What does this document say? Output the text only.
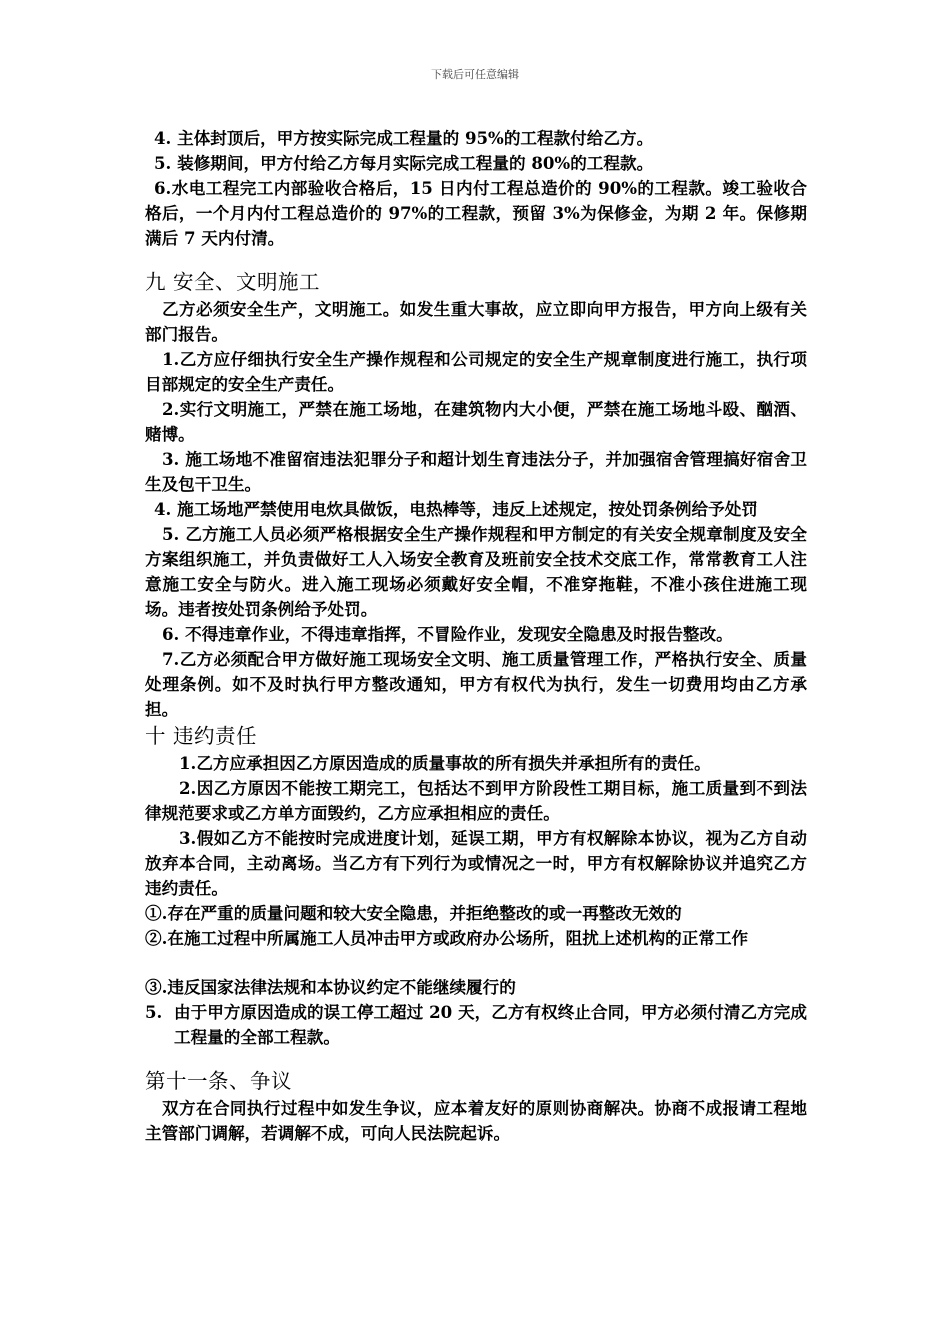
下载后可任意编辑

4. 主体封顶后，甲方按实际完成工程量的 95%的工程款付给乙方。

5. 装修期间，甲方付给乙方每月实际完成工程量的 80%的工程款。

6.水电工程完工内部验收合格后，15 日内付工程总造价的 90%的工程款。竣工验收合格后，一个月内付工程总造价的 97%的工程款，预留 3%为保修金，为期 2 年。保修期满后 7 天内付清。

九 安全、文明施工

乙方必须安全生产，文明施工。如发生重大事故，应立即向甲方报告，甲方向上级有关部门报告。

1.乙方应仔细执行安全生产操作规程和公司规定的安全生产规章制度进行施工，执行项目部规定的安全生产责任。

2.实行文明施工，严禁在施工场地，在建筑物内大小便，严禁在施工场地斗殴、酗酒、赌博。

3. 施工场地不准留宿违法犯罪分子和超计划生育违法分子，并加强宿舍管理搞好宿舍卫生及包干卫生。

4. 施工场地严禁使用电炊具做饭，电热棒等，违反上述规定，按处罚条例给予处罚

5. 乙方施工人员必须严格根据安全生产操作规程和甲方制定的有关安全规章制度及安全方案组织施工，并负责做好工人入场安全教育及班前安全技术交底工作，常常教育工人注意施工安全与防火。进入施工现场必须戴好安全帽，不准穿拖鞋，不准小孩住进施工现场。违者按处罚条例给予处罚。

6. 不得违章作业，不得违章指挥，不冒险作业，发现安全隐患及时报告整改。

7.乙方必须配合甲方做好施工现场安全文明、施工质量管理工作，严格执行安全、质量处理条例。如不及时执行甲方整改通知，甲方有权代为执行，发生一切费用均由乙方承担。

十 违约责任

1.乙方应承担因乙方原因造成的质量事故的所有损失并承担所有的责任。

2.因乙方原因不能按工期完工，包括达不到甲方阶段性工期目标，施工质量到不到法律规范要求或乙方单方面毁约，乙方应承担相应的责任。

3.假如乙方不能按时完成进度计划，延误工期，甲方有权解除本协议，视为乙方自动放弃本合同，主动离场。当乙方有下列行为或情况之一时，甲方有权解除协议并追究乙方违约责任。

①.存在严重的质量问题和较大安全隐患，并拒绝整改的或一再整改无效的

②.在施工过程中所属施工人员冲击甲方或政府办公场所，阻扰上述机构的正常工作

③.违反国家法律法规和本协议约定不能继续履行的

5. 由于甲方原因造成的误工停工超过 20 天，乙方有权终止合同，甲方必须付清乙方完成工程量的全部工程款。

第十一条、争议

双方在合同执行过程中如发生争议，应本着友好的原则协商解决。协商不成报请工程地主管部门调解，若调解不成，可向人民法院起诉。
